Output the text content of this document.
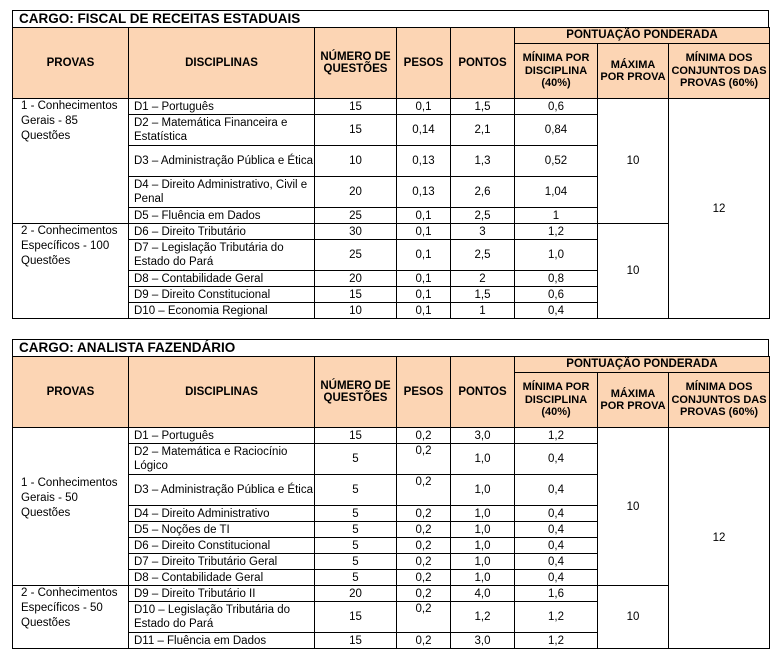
CARGO: FISCAL DE RECEITAS ESTADUAIS
PROVAS	DISCIPLINAS	NÚMERO DE QUESTÕES	PESOS	PONTOS	PONTUAÇÃO PONDERADA		
					MÍNIMA POR DISCIPLINA (40%)	MÁXIMA POR PROVA	MÍNIMA DOS CONJUNTOS DAS PROVAS (60%)
1 - Conhecimentos Gerais - 85 Questões	D1 – Português	15	0,1	1,5	0,6	10	12
	D2 – Matemática Financeira e Estatística	15	0,14	2,1	0,84		
	D3 – Administração Pública e Ética	10	0,13	1,3	0,52		
	D4 – Direito Administrativo, Civil e Penal	20	0,13	2,6	1,04		
	D5 – Fluência em Dados	25	0,1	2,5	1		
2 - Conhecimentos Específicos - 100 Questões	D6 – Direito Tributário	30	0,1	3	1,2	10	
	D7 – Legislação Tributária do Estado do Pará	25	0,1	2,5	1,0		
	D8 – Contabilidade Geral	20	0,1	2	0,8		
	D9 – Direito Constitucional	15	0,1	1,5	0,6		
	D10 – Economia Regional	10	0,1	1	0,4		
CARGO: ANALISTA FAZENDÁRIO
PROVAS	DISCIPLINAS	NÚMERO DE QUESTÕES	PESOS	PONTOS	PONTUAÇÃO PONDERADA		
					MÍNIMA POR DISCIPLINA (40%)	MÁXIMA POR PROVA	MÍNIMA DOS CONJUNTOS DAS PROVAS (60%)

1 - Conhecimentos Gerais - 50 Questões	D1 – Português	15	0,2	3,0	1,2	10	12
	D2 – Matemática e Raciocínio Lógico	5	0,2	1,0	0,4		
	D3 – Administração Pública e Ética	5	0,2	1,0	0,4		
	D4 – Direito Administrativo	5	0,2	1,0	0,4		
	D5 – Noções de TI	5	0,2	1,0	0,4		
	D6 – Direito Constitucional	5	0,2	1,0	0,4		
	D7 – Direito Tributário Geral	5	0,2	1,0	0,4		
	D8 – Contabilidade Geral	5	0,2	1,0	0,4		
2 - Conhecimentos Específicos - 50 Questões	D9 – Direito Tributário II	20	0,2	4,0	1,6	10	
	D10 – Legislação Tributária do Estado do Pará	15	0,2	1,2	1,2		
	D11 – Fluência em Dados	15	0,2	3,0	1,2		
